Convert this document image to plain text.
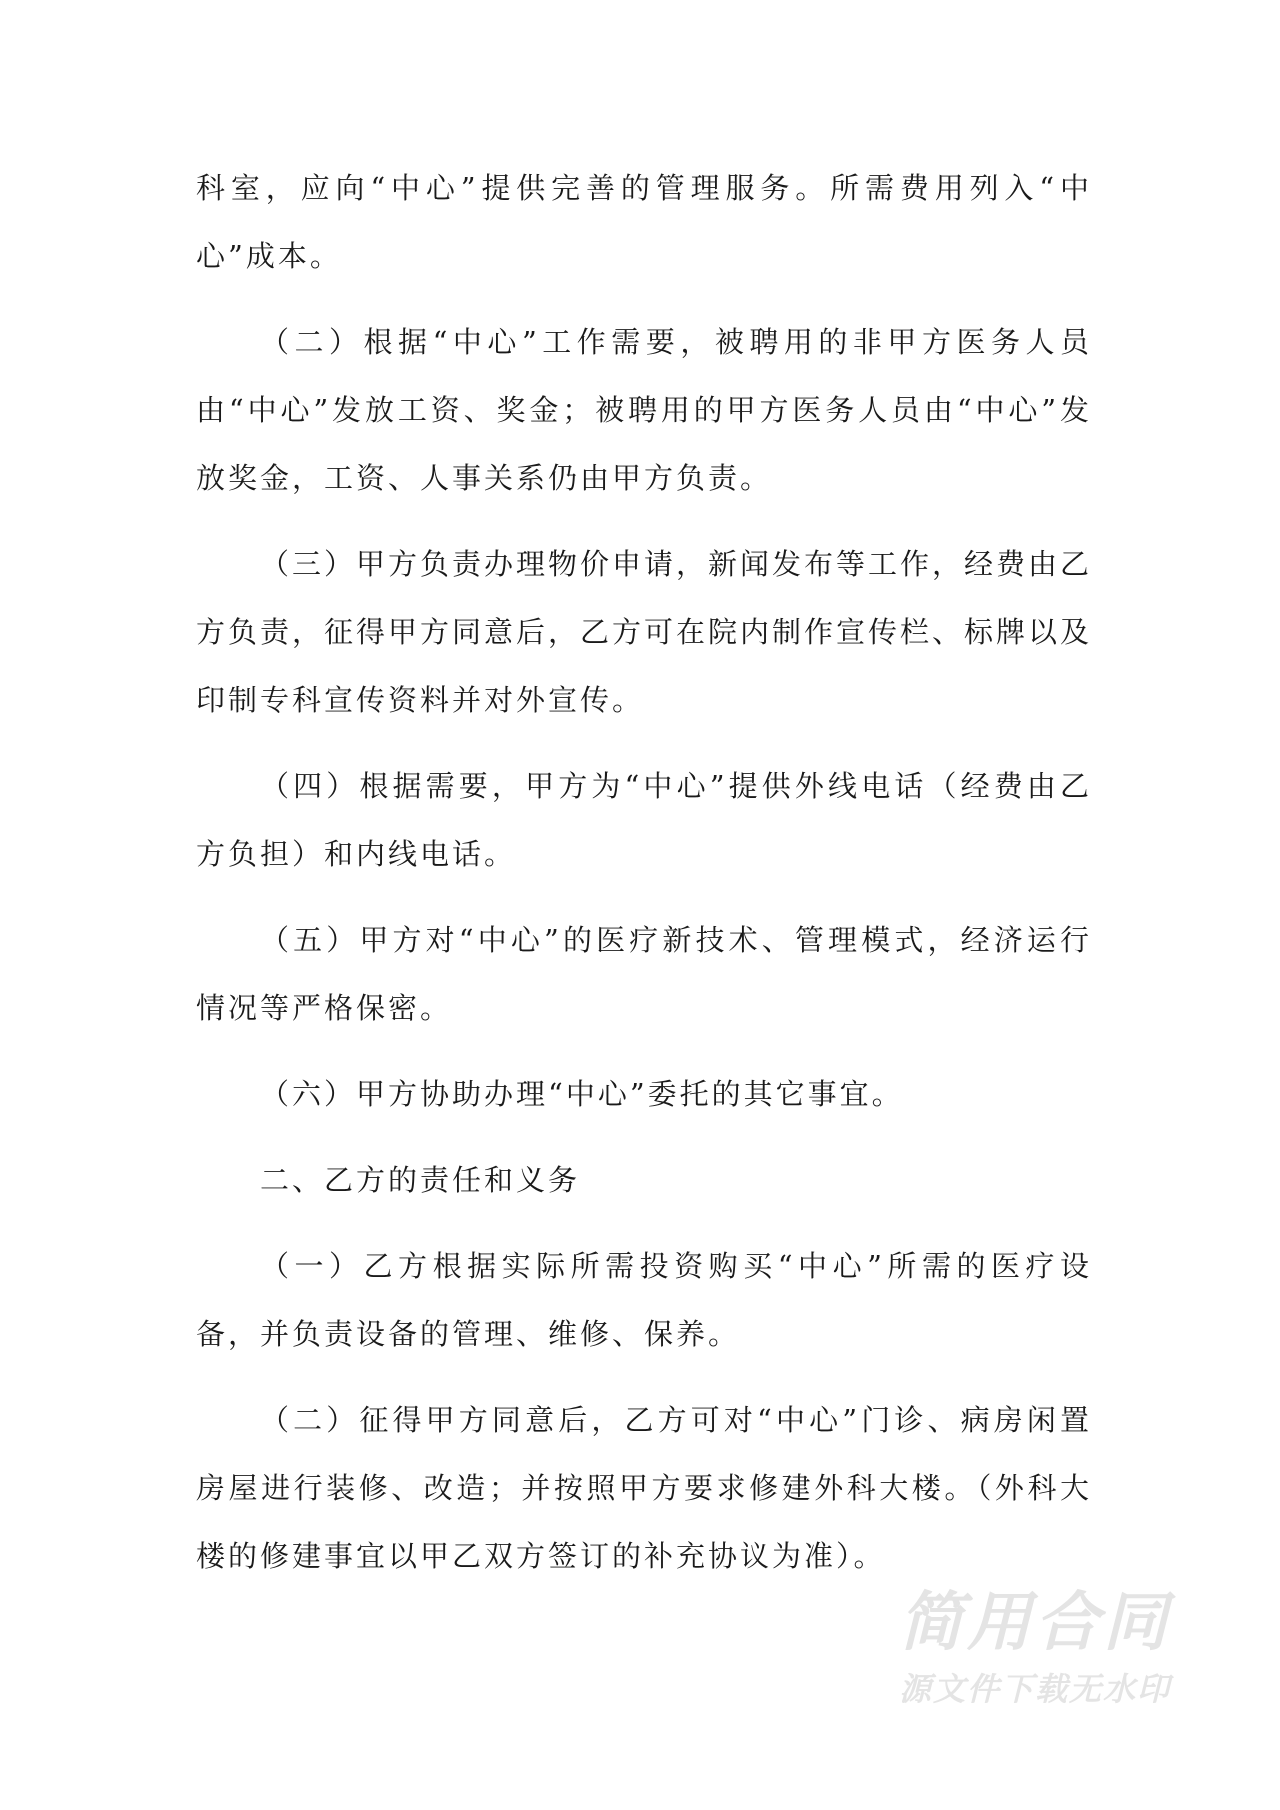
科室，应向“中心”提供完善的管理服务。所需费用列入“中心”成本。

（二）根据“中心”工作需要，被聘用的非甲方医务人员由“中心”发放工资、奖金；被聘用的甲方医务人员由“中心”发放奖金，工资、人事关系仍由甲方负责。

（三）甲方负责办理物价申请，新闻发布等工作，经费由乙方负责，征得甲方同意后，乙方可在院内制作宣传栏、标牌以及印制专科宣传资料并对外宣传。

（四）根据需要，甲方为“中心”提供外线电话（经费由乙方负担）和内线电话。

（五）甲方对“中心”的医疗新技术、管理模式，经济运行情况等严格保密。

（六）甲方协助办理“中心”委托的其它事宜。

二、乙方的责任和义务

（一）乙方根据实际所需投资购买“中心”所需的医疗设备，并负责设备的管理、维修、保养。

（二）征得甲方同意后，乙方可对“中心”门诊、病房闲置房屋进行装修、改造；并按照甲方要求修建外科大楼。（外科大楼的修建事宜以甲乙双方签订的补充协议为准）。

简用合同
源文件下载无水印
